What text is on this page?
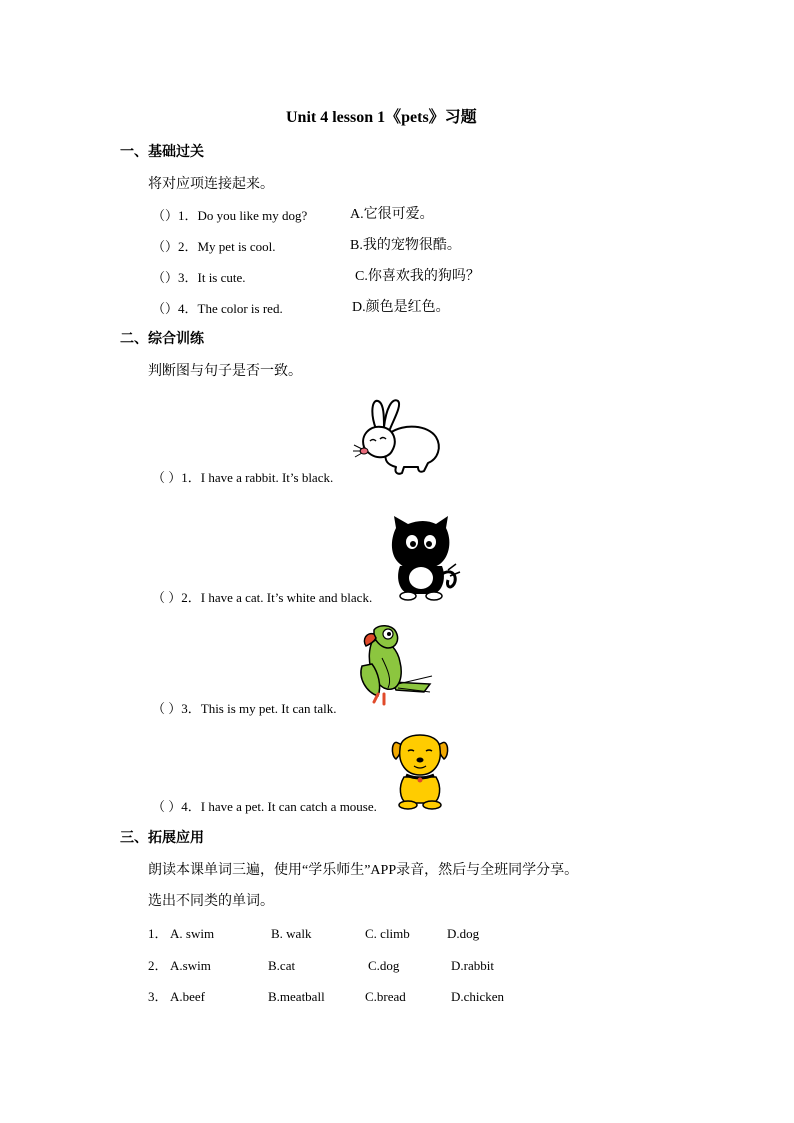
Unit 4 lesson 1《pets》习题
一、基础过关
将对应项连接起来。
（）1．Do you like my dog?	A.它很可爱。
（）2．My pet is cool.	B.我的宠物很酷。
（）3．It is cute.	C.你喜欢我的狗吗？
（）4．The color is red.	D.颜色是红色。
二、综合训练
判断图与句子是否一致。
（ ）1．I have a rabbit. It’s black.
（ ）2．I have a cat. It’s white and black.
（ ）3．This is my pet. It can talk.
（ ）4．I have a pet. It can catch a mouse.
三、拓展应用
朗读本课单词三遍，使用“学乐师生”APP录音，然后与全班同学分享。
选出不同类的单词。
1． A. swim	B. walk	C. climb	D.dog
2． A.swim	B.cat	C.dog	D.rabbit
3． A.beef	B.meatball	C.bread	D.chicken
